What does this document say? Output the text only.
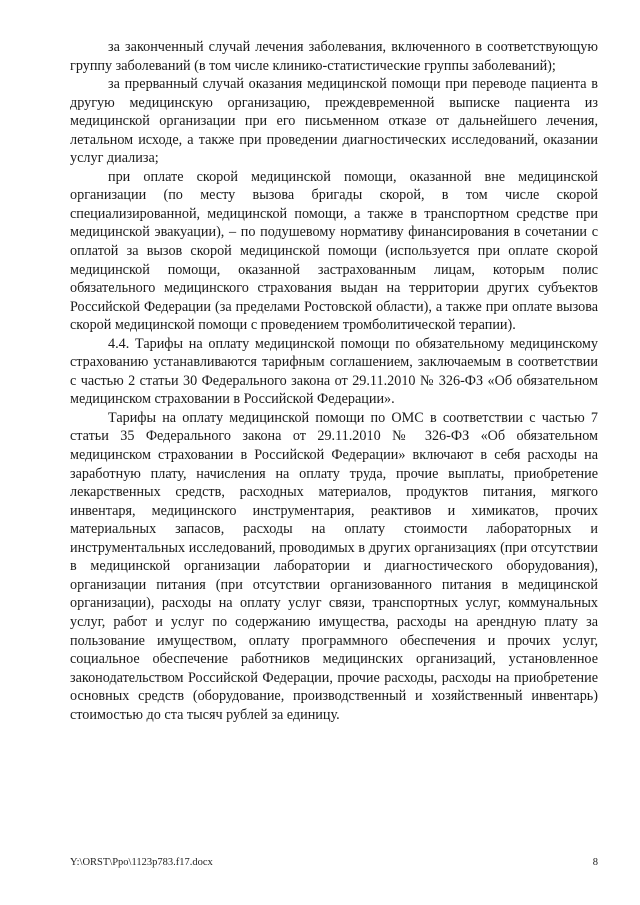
за законченный случай лечения заболевания, включенного в соответствующую группу заболеваний (в том числе клинико-статистические группы заболеваний);

за прерванный случай оказания медицинской помощи при переводе пациента в другую медицинскую организацию, преждевременной выписке пациента из медицинской организации при его письменном отказе от дальнейшего лечения, летальном исходе, а также при проведении диагностических исследований, оказании услуг диализа;

при оплате скорой медицинской помощи, оказанной вне медицинской организации (по месту вызова бригады скорой, в том числе скорой специализированной, медицинской помощи, а также в транспортном средстве при медицинской эвакуации), – по подушевому нормативу финансирования в сочетании с оплатой за вызов скорой медицинской помощи (используется при оплате скорой медицинской помощи, оказанной застрахованным лицам, которым полис обязательного медицинского страхования выдан на территории других субъектов Российской Федерации (за пределами Ростовской области), а также при оплате вызова скорой медицинской помощи с проведением тромболитической терапии).

4.4. Тарифы на оплату медицинской помощи по обязательному медицинскому страхованию устанавливаются тарифным соглашением, заключаемым в соответствии с частью 2 статьи 30 Федерального закона от 29.11.2010 № 326-ФЗ «Об обязательном медицинском страховании в Российской Федерации».

Тарифы на оплату медицинской помощи по ОМС в соответствии с частью 7 статьи 35 Федерального закона от 29.11.2010 № 326-ФЗ «Об обязательном медицинском страховании в Российской Федерации» включают в себя расходы на заработную плату, начисления на оплату труда, прочие выплаты, приобретение лекарственных средств, расходных материалов, продуктов питания, мягкого инвентаря, медицинского инструментария, реактивов и химикатов, прочих материальных запасов, расходы на оплату стоимости лабораторных и инструментальных исследований, проводимых в других организациях (при отсутствии в медицинской организации лаборатории и диагностического оборудования), организации питания (при отсутствии организованного питания в медицинской организации), расходы на оплату услуг связи, транспортных услуг, коммунальных услуг, работ и услуг по содержанию имущества, расходы на арендную плату за пользование имуществом, оплату программного обеспечения и прочих услуг, социальное обеспечение работников медицинских организаций, установленное законодательством Российской Федерации, прочие расходы, расходы на приобретение основных средств (оборудование, производственный и хозяйственный инвентарь) стоимостью до ста тысяч рублей за единицу.

Y:\ORST\Ppo\1123p783.f17.docx	8
